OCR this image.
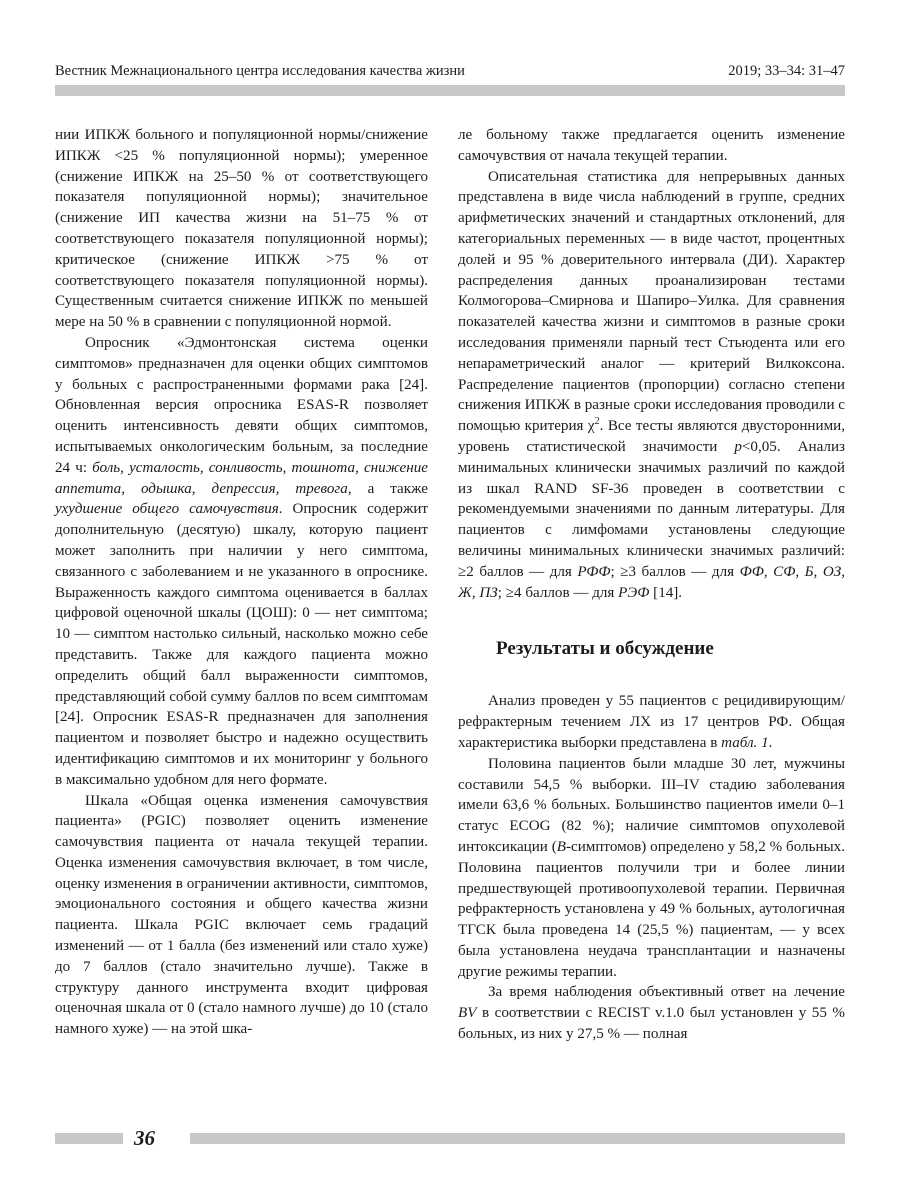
Вестник Межнационального центра исследования качества жизни	2019; 33–34: 31–47

нии ИПКЖ больного и популяционной нормы/снижение ИПКЖ <25 % популяционной нормы); умеренное (снижение ИПКЖ на 25–50 % от соответствующего показателя популяционной нормы); значительное (снижение ИП качества жизни на 51–75 % от соответствующего показателя популяционной нормы); критическое (снижение ИПКЖ >75 % от соответствующего показателя популяционной нормы). Существенным считается снижение ИПКЖ по меньшей мере на 50 % в сравнении с популяционной нормой.

Опросник «Эдмонтонская система оценки симптомов» предназначен для оценки общих симптомов у больных с распространенными формами рака [24]. Обновленная версия опросника ESAS-R позволяет оценить интенсивность девяти общих симптомов, испытываемых онкологическим больным, за последние 24 ч: боль, усталость, сонливость, тошнота, снижение аппетита, одышка, депрессия, тревога, а также ухудшение общего самочувствия. Опросник содержит дополнительную (десятую) шкалу, которую пациент может заполнить при наличии у него симптома, связанного с заболеванием и не указанного в опроснике. Выраженность каждого симптома оценивается в баллах цифровой оценочной шкалы (ЦОШ): 0 — нет симптома; 10 — симптом настолько сильный, насколько можно себе представить. Также для каждого пациента можно определить общий балл выраженности симптомов, представляющий собой сумму баллов по всем симптомам [24]. Опросник ESAS-R предназначен для заполнения пациентом и позволяет быстро и надежно осуществить идентификацию симптомов и их мониторинг у больного в максимально удобном для него формате.

Шкала «Общая оценка изменения самочувствия пациента» (PGIC) позволяет оценить изменение самочувствия пациента от начала текущей терапии. Оценка изменения самочувствия включает, в том числе, оценку изменения в ограничении активности, симптомов, эмоционального состояния и общего качества жизни пациента. Шкала PGIC включает семь градаций изменений — от 1 балла (без изменений или стало хуже) до 7 баллов (стало значительно лучше). Также в структуру данного инструмента входит цифровая оценочная шкала от 0 (стало намного лучше) до 10 (стало намного хуже) — на этой шка-

ле больному также предлагается оценить изменение самочувствия от начала текущей терапии.

Описательная статистика для непрерывных данных представлена в виде числа наблюдений в группе, средних арифметических значений и стандартных отклонений, для категориальных переменных — в виде частот, процентных долей и 95 % доверительного интервала (ДИ). Характер распределения данных проанализирован тестами Колмогорова–Смирнова и Шапиро–Уилка. Для сравнения показателей качества жизни и симптомов в разные сроки исследования применяли парный тест Стьюдента или его непараметрический аналог — критерий Вилкоксона. Распределение пациентов (пропорции) согласно степени снижения ИПКЖ в разные сроки исследования проводили с помощью критерия $\chi^2$. Все тесты являются двусторонними, уровень статистической значимости p<0,05. Анализ минимальных клинически значимых различий по каждой из шкал RAND SF-36 проведен в соответствии с рекомендуемыми значениями по данным литературы. Для пациентов с лимфомами установлены следующие величины минимальных клинически значимых различий: ≥2 баллов — для РФФ; ≥3 баллов — для ФФ, СФ, Б, ОЗ, Ж, ПЗ; ≥4 баллов — для РЭФ [14].

Результаты и обсуждение

Анализ проведен у 55 пациентов с рецидивирующим/рефрактерным течением ЛХ из 17 центров РФ. Общая характеристика выборки представлена в табл. 1.

Половина пациентов были младше 30 лет, мужчины составили 54,5 % выборки. III–IV стадию заболевания имели 63,6 % больных. Большинство пациентов имели 0–1 статус ECOG (82 %); наличие симптомов опухолевой интоксикации (B-симптомов) определено у 58,2 % больных. Половина пациентов получили три и более линии предшествующей противоопухолевой терапии. Первичная рефрактерность установлена у 49 % больных, аутологичная ТГСК была проведена 14 (25,5 %) пациентам, — у всех была установлена неудача трансплантации и назначены другие режимы терапии.

За время наблюдения объективный ответ на лечение BV в соответствии с RECIST v.1.0 был установлен у 55 % больных, из них у 27,5 % — полная

36
